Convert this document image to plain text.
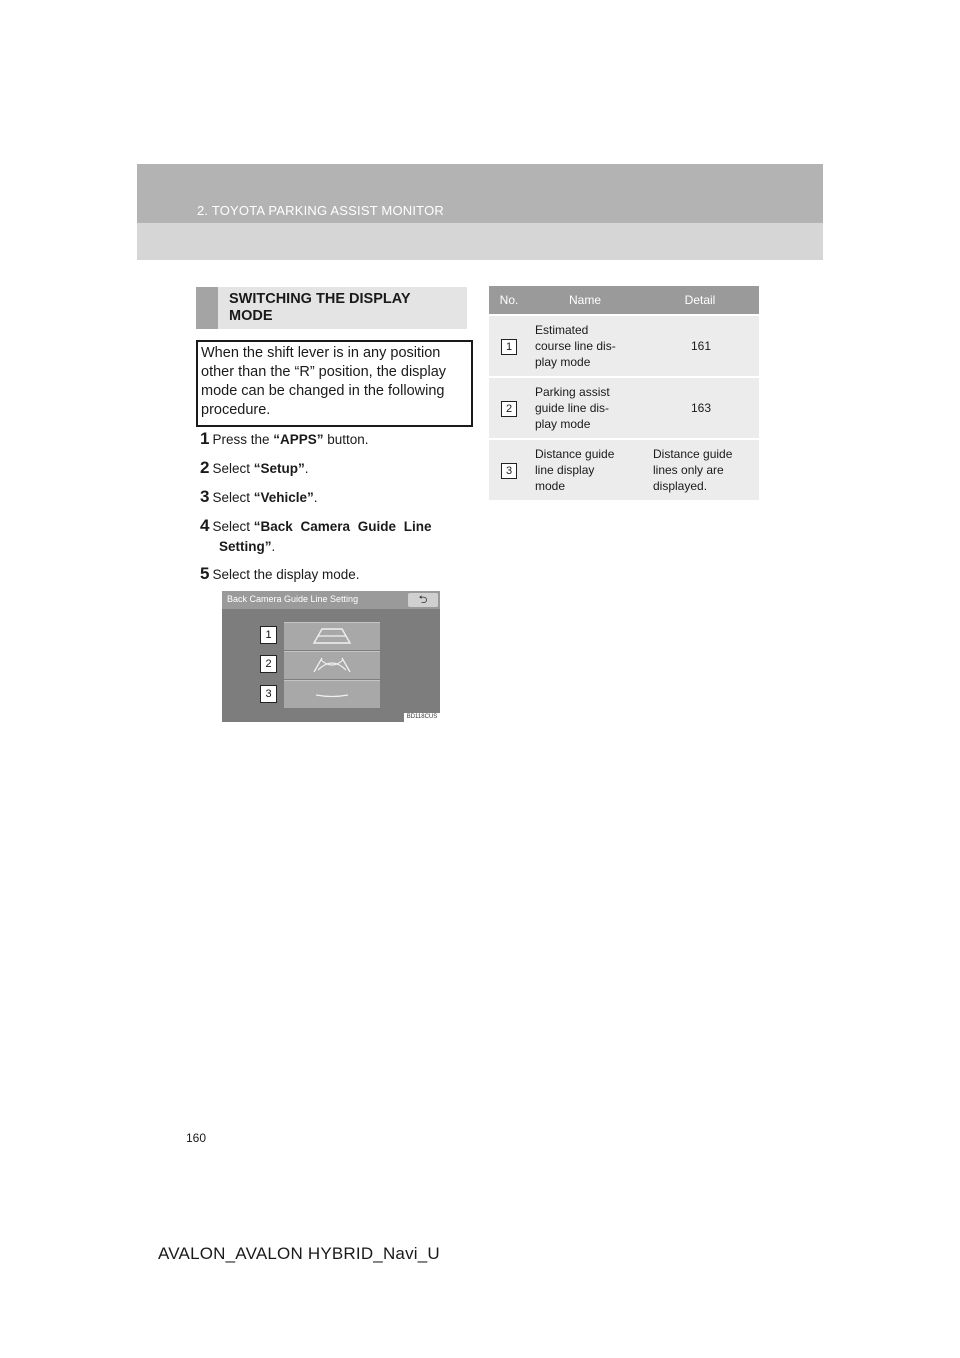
2. TOYOTA PARKING ASSIST MONITOR
SWITCHING THE DISPLAY
MODE
When the shift lever is in any position
other than the “R” position, the display
mode can be changed in the following
procedure.
1 Press the “APPS” button.
2 Select “Setup”.
3 Select “Vehicle”.
4 Select “Back Camera Guide Line
Setting”.
5 Select the display mode.
Back Camera Guide Line Setting	⮌
1
2
3
BD118CUS
No.	Name	Detail
1	Estimated
course line dis-
play mode	161
2	Parking assist
guide line dis-
play mode	163
3	Distance guide
line display
mode	Distance guide
lines only are
displayed.
160
AVALON_AVALON HYBRID_Navi_U
